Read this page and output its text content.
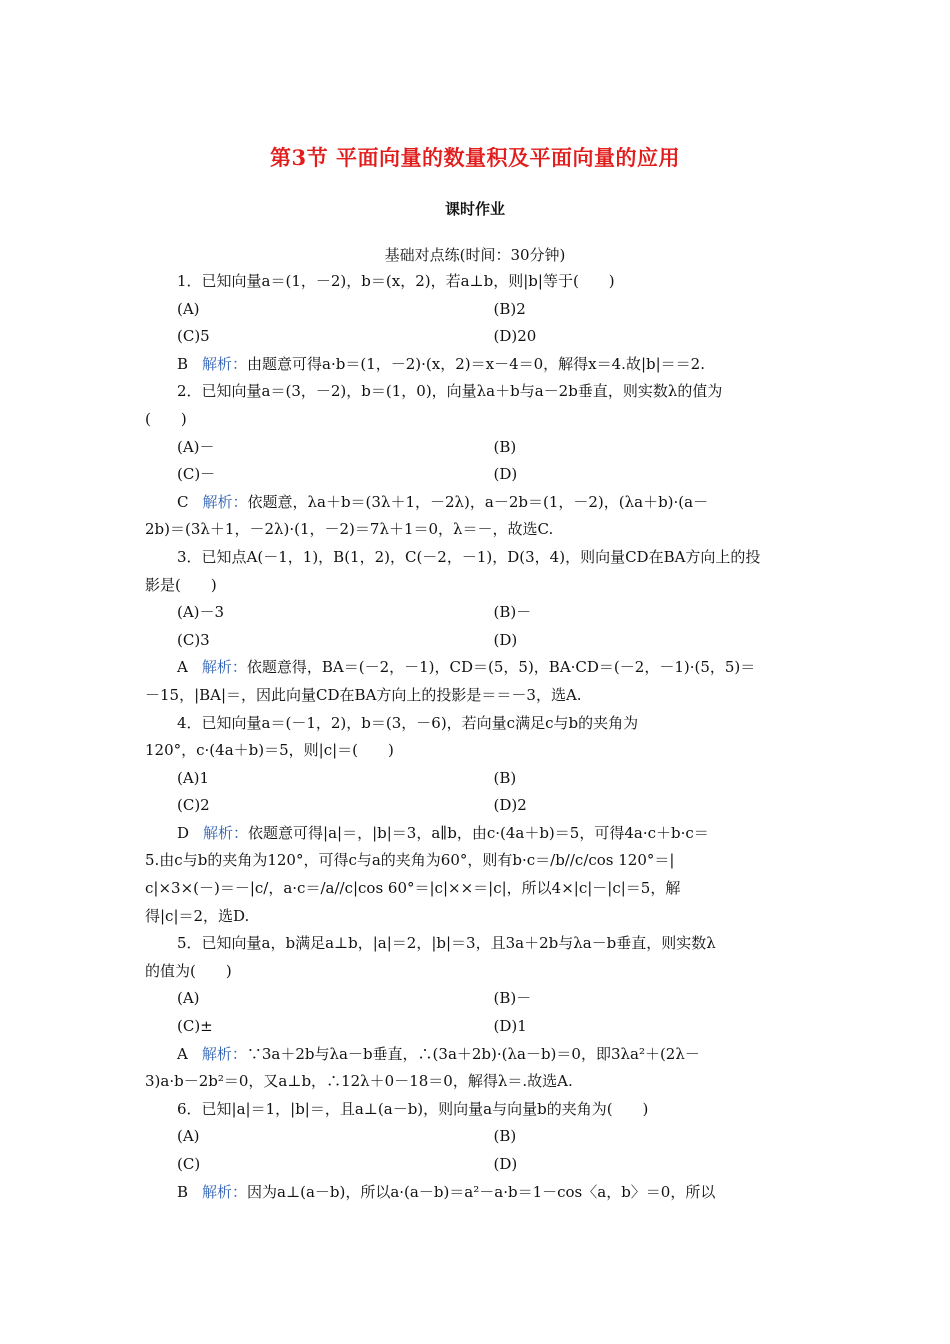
第3节 平面向量的数量积及平面向量的应用
课时作业
基础对点练(时间：30分钟)
1．已知向量a＝(1，－2)，b＝(x，2)，若a⊥b，则|b|等于(　　)
(A)	(B)2
(C)5	(D)20
B 解析：由题意可得a·b＝(1，－2)·(x，2)＝x－4＝0，解得x＝4.故|b|＝＝2.
2．已知向量a＝(3，－2)，b＝(1，0)，向量λa＋b与a－2b垂直，则实数λ的值为
(　　)
(A)－	(B)
(C)－	(D)
C 解析：依题意，λa＋b＝(3λ＋1，－2λ)，a－2b＝(1，－2)，(λa＋b)·(a－
2b)＝(3λ＋1，－2λ)·(1，－2)＝7λ＋1＝0，λ＝－，故选C.
3．已知点A(－1，1)，B(1，2)，C(－2，－1)，D(3，4)，则向量CD在BA方向上的投
影是(　　)
(A)－3	(B)－
(C)3	(D)
A 解析：依题意得，BA＝(－2，－1)，CD＝(5，5)，BA·CD＝(－2，－1)·(5，5)＝
－15，|BA|＝，因此向量CD在BA方向上的投影是＝＝－3，选A.
4．已知向量a＝(－1，2)，b＝(3，－6)，若向量c满足c与b的夹角为
120°，c·(4a＋b)＝5，则|c|＝(　　)
(A)1	(B)
(C)2	(D)2
D 解析：依题意可得|a|＝，|b|＝3，a∥b，由c·(4a＋b)＝5，可得4a·c＋b·c＝
5.由c与b的夹角为120°，可得c与a的夹角为60°，则有b·c＝/b//c/cos 120°＝|
c|×3×(－)＝－|c/，a·c＝/a//c|cos 60°＝|c|××＝|c|，所以4×|c|－|c|＝5，解
得|c|＝2，选D.
5．已知向量a，b满足a⊥b，|a|＝2，|b|＝3，且3a＋2b与λa－b垂直，则实数λ
的值为(　　)
(A)	(B)－
(C)±	(D)1
A 解析：∵3a＋2b与λa－b垂直，∴(3a＋2b)·(λa－b)＝0，即3λa²＋(2λ－
3)a·b－2b²＝0，又a⊥b，∴12λ＋0－18＝0，解得λ＝.故选A.
6．已知|a|＝1，|b|＝，且a⊥(a－b)，则向量a与向量b的夹角为(　　)
(A)	(B)
(C)	(D)
B 解析：因为a⊥(a－b)，所以a·(a－b)＝a²－a·b＝1－cos〈a，b〉＝0，所以
